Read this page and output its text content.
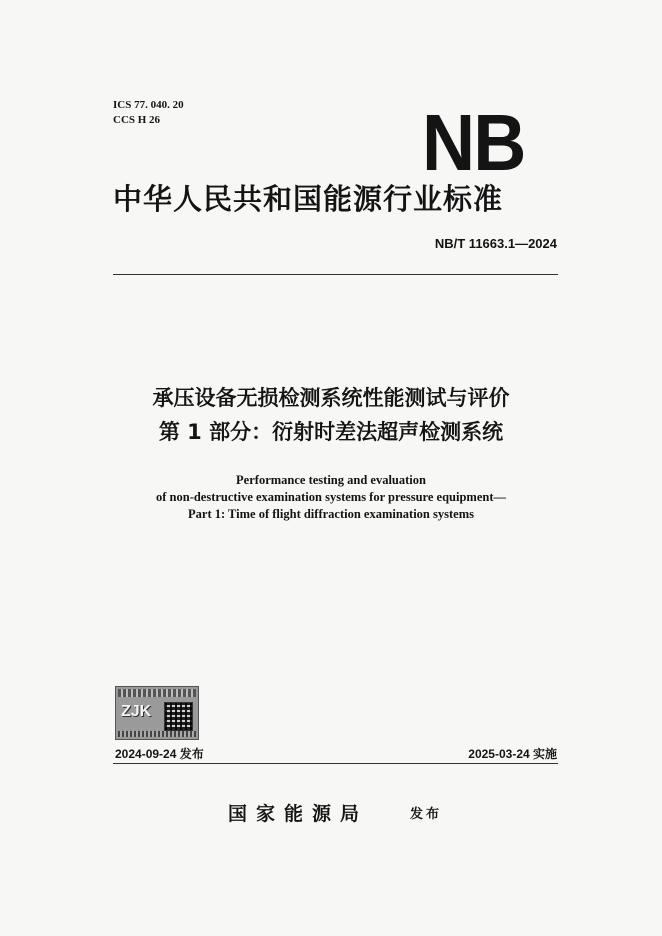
ICS 77. 040. 20
CCS H 26	NB
中华人民共和国能源行业标准
NB/T 11663.1—2024
承压设备无损检测系统性能测试与评价
第 1 部分：衍射时差法超声检测系统
Performance testing and evaluation
of non-destructive examination systems for pressure equipment—
Part 1: Time of flight diffraction examination systems
ZJK
2024-09-24 发布	2025-03-24 实施
国家能源局	发布
